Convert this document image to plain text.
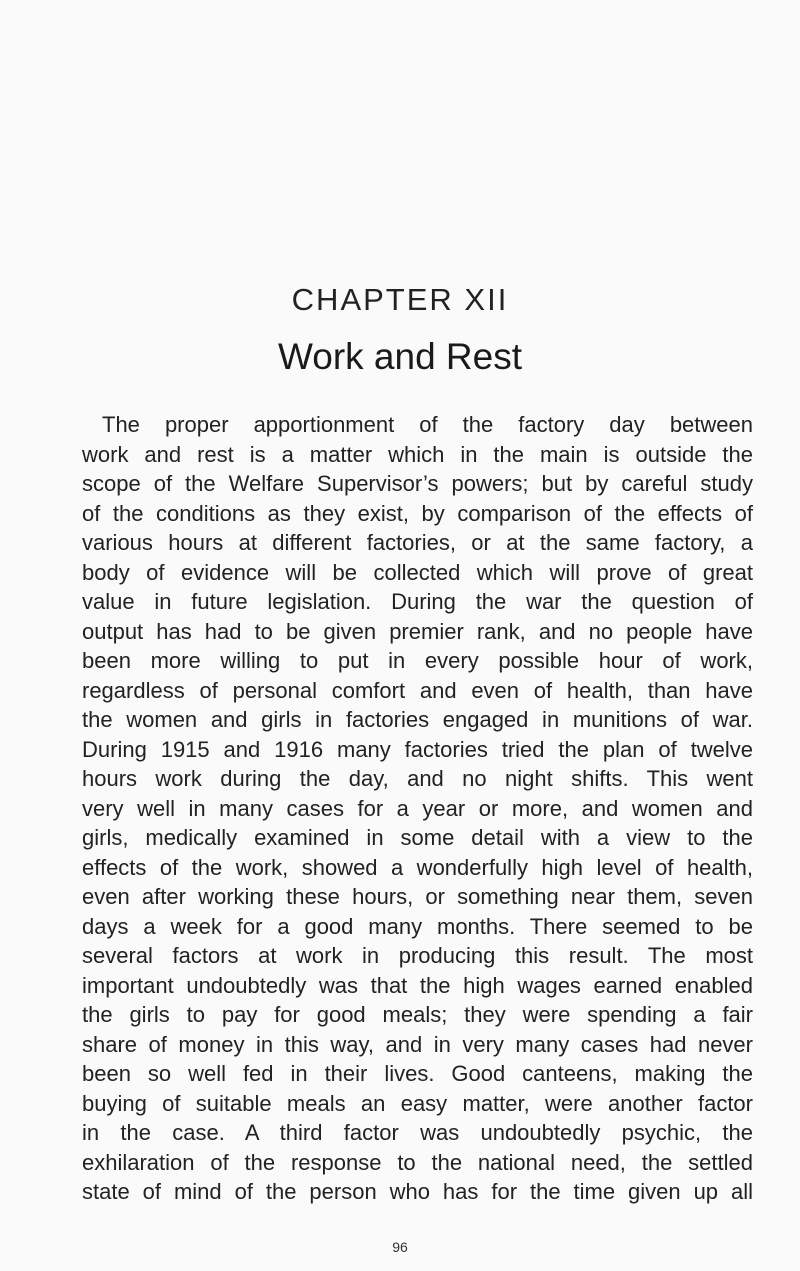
CHAPTER XII
Work and Rest
The proper apportionment of the factory day between
work and rest is a matter which in the main is outside the
scope of the Welfare Supervisor’s powers; but by careful study
of the conditions as they exist, by comparison of the effects of
various hours at different factories, or at the same factory, a
body of evidence will be collected which will prove of great
value in future legislation. During the war the question of
output has had to be given premier rank, and no people have
been more willing to put in every possible hour of work,
regardless of personal comfort and even of health, than have
the women and girls in factories engaged in munitions of war.
During 1915 and 1916 many factories tried the plan of twelve
hours work during the day, and no night shifts. This went
very well in many cases for a year or more, and women and
girls, medically examined in some detail with a view to the
effects of the work, showed a wonderfully high level of health,
even after working these hours, or something near them, seven
days a week for a good many months. There seemed to be
several factors at work in producing this result. The most
important undoubtedly was that the high wages earned enabled
the girls to pay for good meals; they were spending a fair
share of money in this way, and in very many cases had never
been so well fed in their lives. Good canteens, making the
buying of suitable meals an easy matter, were another factor
in the case. A third factor was undoubtedly psychic, the
exhilaration of the response to the national need, the settled
state of mind of the person who has for the time given up all
96
